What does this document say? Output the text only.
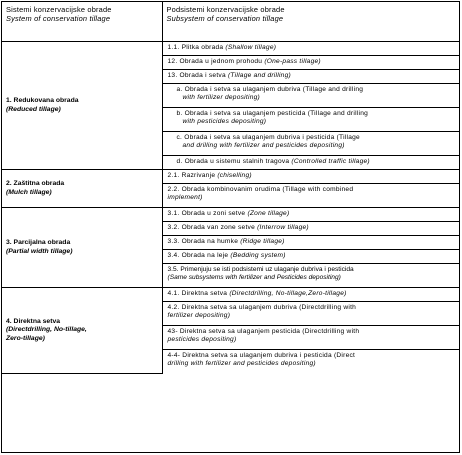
Sistemi konzervacijske obrade
System of conservation tillage	Podsistemi konzervacijske obrade
Subsystem of conservation tillage

1. Redukovana obrada
(Reduced tillage)	1.1. Plitka obrada (Shallow tillage)
	12. Obrada u jednom prohodu (One-pass tillage)
	13. Obrada i setva (Tillage and drilling)
	a. Obrada i setva sa ulaganjem dubriva (Tillage and drilling
with fertilizer depositing)

	b. Obrada i setva sa ulaganjem pesticida (Tillage and drilling
with pesticides depositing)

	c. Obrada i setva sa ulaganjem dubriva i pesticida (Tillage
and drilling with fertilizer and pesticides depositing)

	d. Obrada u sistemu stalnih tragova (Controlled traffic tillage)
2. Zaštitna obrada
(Mulch tillage)	2.1. Razrivanje (chiselling)
	2.2. Obrada kombinovanim orudima (Tillage with combined
implement)
3. Parcijalna obrada
(Partial width tillage)	3.1. Obrada u zoni setve (Zone tillage)
	3.2. Obrada van zone setve (Interrow tillage)
	3.3. Obrada na humke (Ridge tillage)
	3.4. Obrada na leje (Bedding system)
	3.5. Primenjuju se isti podsistemi uz ulaganje dubriva i pesticida
(Same subsystems with fertilizer and Pesticides depositing)
4. Direktna setva
(Directdrilling, No-tillage,
Zero-tillage)	4.1. Direktna setva (Directdrilling, No-tillage,Zero-tillage)
	4.2. Direktna setva sa ulaganjem dubriva (Directdrilling with
fertilizer depositing)
	43- Direktna setva sa ulaganjem pesticida (Directdrilling with
pesticides depositing)
	4-4- Direktna setva sa ulaganjem dubriva i pesticida (Direct
drilling with fertilizer and pesticides depositing)
